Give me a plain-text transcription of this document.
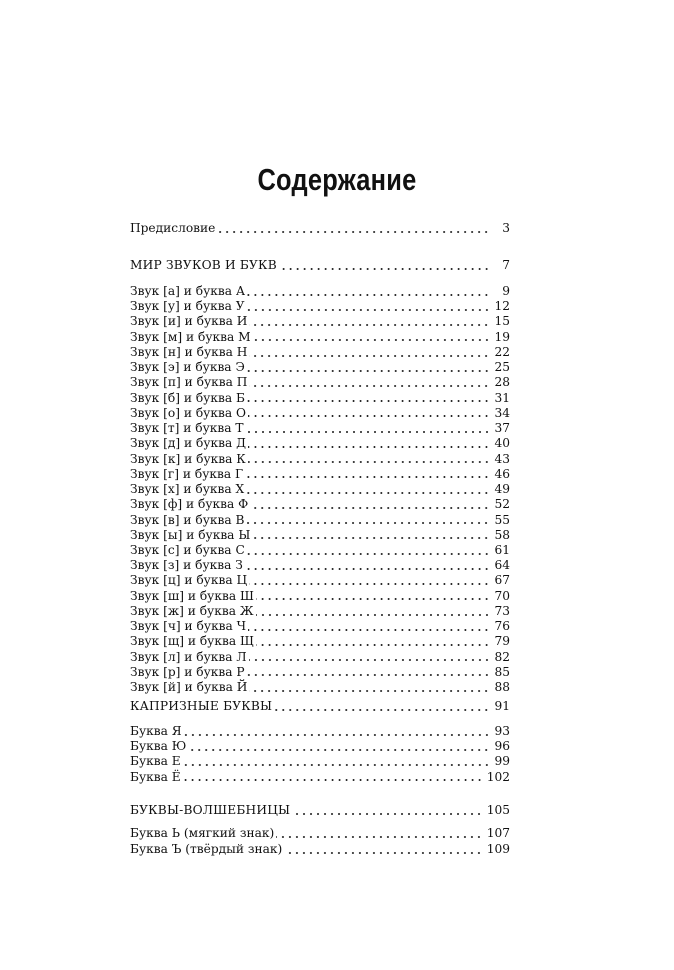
Содержание
Предисловие	3
МИР ЗВУКОВ И БУКВ	7
Звук [а] и буква А	9
Звук [у] и буква У	12
Звук [и] и буква И	15
Звук [м] и буква М	19
Звук [н] и буква Н	22
Звук [э] и буква Э	25
Звук [п] и буква П	28
Звук [б] и буква Б	31
Звук [о] и буква О	34
Звук [т] и буква Т	37
Звук [д] и буква Д	40
Звук [к] и буква К	43
Звук [г] и буква Г	46
Звук [х] и буква Х	49
Звук [ф] и буква Ф	52
Звук [в] и буква В	55
Звук [ы] и буква Ы	58
Звук [с] и буква С	61
Звук [з] и буква З	64
Звук [ц] и буква Ц	67
Звук [ш] и буква Ш	70
Звук [ж] и буква Ж	73
Звук [ч] и буква Ч	76
Звук [щ] и буква Щ	79
Звук [л] и буква Л	82
Звук [р] и буква Р	85
Звук [й] и буква Й	88
КАПРИЗНЫЕ БУКВЫ	91
Буква Я	93
Буква Ю	96
Буква Е	99
Буква Ё	102
БУКВЫ-ВОЛШЕБНИЦЫ	105
Буква Ь (мягкий знак)	107
Буква Ъ (твёрдый знак)	109
